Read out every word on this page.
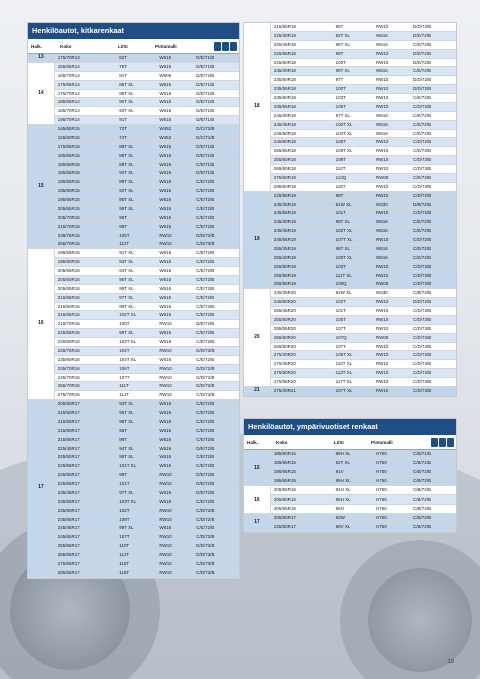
Henkilöautot, kitkarenkaat
Halk.	Koko	LI/SI	Pintamalli
13	175/70R13	82T	W616	D/E/71/B
14	155/65R14	75T	W616	D/E/71/B
	165/70R14	81T	W606	D/E/72/B
	175/65R14	86T XL	W616	D/E/71/B
	175/70R14	88T XL	W616	D/E/71/B
	185/65R14	90T XL	W616	D/E/71/B
	185/70R14	92T XL	W616	D/E/71/B
	195/70R14	91T	W616	D/E/71/B
15	145/65R15	72T	W452	D/C/72/B
	155/60R15	74T	W452	D/C/71/B
	175/65R15	88T XL	W616	D/E/71/B
	185/55R15	86T XL	W616	D/E/71/B
	185/60R15	88T XL	W616	C/E/71/B
	185/65R15	92T XL	W616	D/E/71/B
	195/55R15	89T XL	W616	C/E/72/B
	195/60R15	92T XL	W616	C/E/72/B
	195/65R15	95T XL	W616	C/E/72/B
	205/65R15	99T XL	W616	C/E/72/B
	205/70R15	96T	W616	C/E/72/B
	215/70R15	98T	W616	C/E/72/B
	235/75R15	105T	RW10	D/D/72/B
	265/70R15	112T	RW10	C/D/73/B
16	195/55R16	91T XL	W616	C/E/72/B
	195/60R16	93T XL	W616	C/E/72/B
	205/55R16	94T XL	W616	C/E/72/B
	205/60R16	96T XL	W616	C/E/72/B
	205/65R16	99T XL	W616	C/E/72/B
	215/55R16	97T XL	W616	C/E/72/B
	215/60R16	99T XL	W616	C/E/72/B
	215/65R16	102T XL	W616	C/E/72/B
	215/70R16	100T	RW10	D/E/72/B
	225/55R16	99T XL	W616	C/E/72/B
	225/60R16	102T XL	W616	C/E/72/B
	225/75R16	104T	RW10	D/D/73/B
	235/60R16	104T XL	W616	C/E/72/B
	235/70R16	106T	RW10	D/D/72/B
	245/70R16	107T	RW10	D/D/72/B
	255/70R16	111T	RW10	D/D/72/B
	275/70R16	114T	RW10	C/D/73/B
17	205/50R17	93T XL	W616	C/E/72/B
	215/50R17	95T XL	W616	C/E/72/B
	215/55R17	98T XL	W616	C/E/72/B
	215/60R17	96T	W616	C/E/72/B
	215/65R17	99T	W616	C/E/72/B
	225/45R17	94T XL	W616	D/E/72/B
	225/50R17	98T XL	W616	C/E/72/B
	225/55R17	101T XL	W616	C/E/72/B
	225/60R17	99T	RW10	D/E/72/B
	225/65R17	101T	RW10	D/E/72/B
	235/45R17	97T XL	W616	D/E/72/B
	235/55R17	103T XL	W616	C/E/72/B
	235/60R17	102T	RW10	C/D/72/B
	235/65R17	108T	RW10	C/D/72/B
	245/45R17	99T XL	W616	C/E/72/B
	245/65R17	107T	RW10	C/D/72/B
	255/65R17	110T	RW10	D/D/73/B
	265/65R17	112T	RW10	D/D/73/B
	275/65R17	115T	RW10	C/D/73/B
	285/65R17	116T	RW10	C/D/73/B
18	215/55R18	95T	RW10	D/D/72/B
	225/40R18	92T XL	W616	D/E/72/B
	225/45R18	95T XL	W616	C/E/72/B
	225/55R18	98T	RW10	D/E/72/B
	225/60R18	100T	RW10	D/E/72/B
	235/40R18	95T XL	W616	C/E/72/B
	235/50R18	97T	RW10	D/D/72/B
	235/55R18	100T	RW10	D/D/72/B
	235/60R18	103T	RW10	C/E/72/B
	235/65R18	106T	RW10	C/D/72/B
	245/40R18	97T XL	W616	C/E/72/B
	245/45R18	100T XL	W616	C/E/72/B
	245/50R18	104T XL	W616	C/E/72/B
	245/60R18	105T	RW10	C/D/72/B
	255/55R18	109T XL	RW10	C/E/73/B
	255/60R18	108T	RW10	C/D/73/B
	265/60R18	110T	RW10	C/D/73/B
	275/60R18	113Q	RW08	C/E/73/B
	285/60R18	116T	RW10	C/D/73/B
19	225/55R19	99T	RW10	C/D/72/B
	235/35R19	91W XL	W330	D/B/72/B
	235/55R19	101T	RW10	C/D/72/B
	245/40R19	98T XL	W616	C/E/72/B
	245/45R19	102T XL	W616	C/E/72/B
	245/55R19	107T XL	RW10	C/D/72/B
	255/35R19	96T XL	W616	C/E/72/B
	255/40R19	100T XL	W616	C/E/73/B
	255/50R19	103T	RW10	C/D/73/B
	255/55R19	111T XL	RW10	C/D/73/B
	265/55R19	109Q	RW08	C/D/73/B
20	235/35R20	92W XL	W330	C/B/72/B
	245/50R20	102T	RW10	D/D/72/B
	255/45R20	101T	RW10	C/D/73/B
	255/50R20	105T	RW10	C/D/73/B
	255/55R20	107T	RW10	C/D/73/B
	265/50R20	107Q	RW08	C/D/73/B
	265/50R20	107T	RW10	C/D/73/B
	275/40R20	106T XL	RW10	C/D/73/B
	275/45R20	110T XL	RW10	C/D/73/B
	275/50R20	113T XL	RW10	C/D/73/B
	275/55R20	117T XL	RW10	C/D/73/B
21	275/40R21	107T XL	RW10	C/D/73/B
Henkilöautot, ympärivuotiset renkaat
Halk.	Koko	LI/SI	Pintamalli
15	185/60R15	88H XL	H750	C/B/71/B
	185/65R15	92T XL	H750	C/B/71/B
	195/65R15	91V	H750	C/B/72/B
	195/65R15	95H XL	H750	C/B/72/B
16	205/55R16	94H XL	H750	C/B/72/B
	205/60R16	96H XL	H750	C/B/72/B
	205/65R16	95H	H750	C/B/72/B
17	205/50R17	93W	H750	C/B/72/B
	225/50R17	98V XL	H750	C/B/72/B
19
